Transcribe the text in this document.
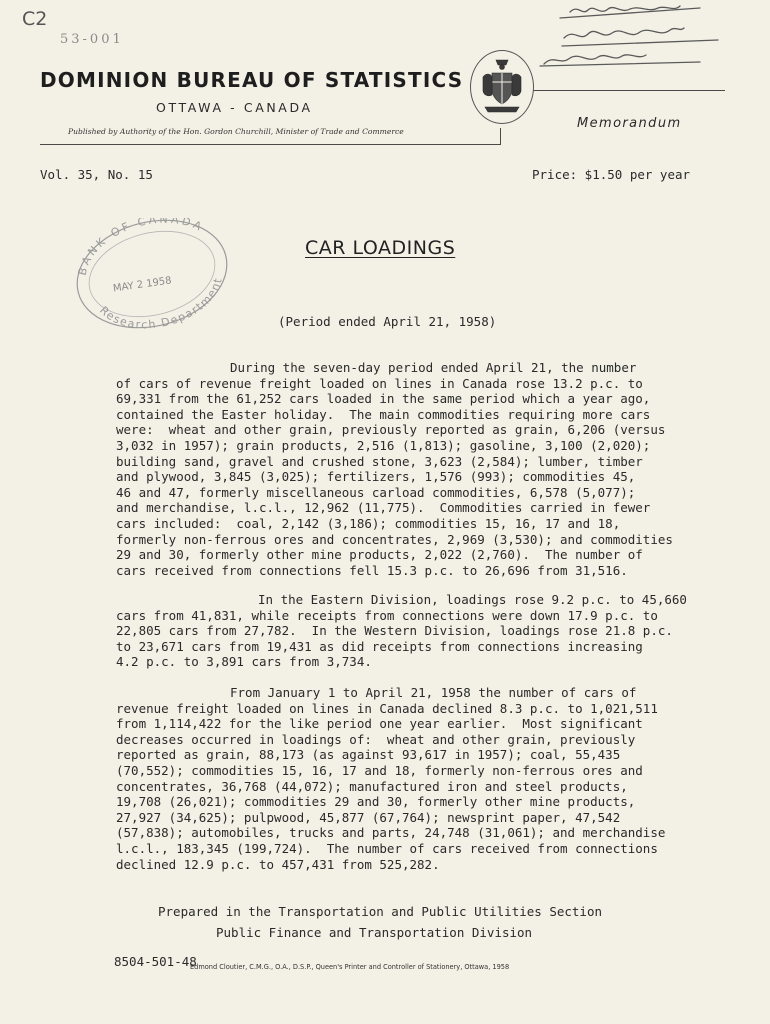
C2
53-001
DOMINION BUREAU OF STATISTICS
OTTAWA - CANADA
Published by Authority of the Hon. Gordon Churchill, Minister of Trade and Commerce
Memorandum
Vol. 35, No. 15	Price: $1.50 per year
BANK OF CANADA
Research Department
MAY 2 1958
CAR LOADINGS
(Period ended April 21, 1958)
During the seven-day period ended April 21, the number
of cars of revenue freight loaded on lines in Canada rose 13.2 p.c. to
69,331 from the 61,252 cars loaded in the same period which a year ago,
contained the Easter holiday.  The main commodities requiring more cars
were:  wheat and other grain, previously reported as grain, 6,206 (versus
3,032 in 1957); grain products, 2,516 (1,813); gasoline, 3,100 (2,020);
building sand, gravel and crushed stone, 3,623 (2,584); lumber, timber
and plywood, 3,845 (3,025); fertilizers, 1,576 (993); commodities 45,
46 and 47, formerly miscellaneous carload commodities, 6,578 (5,077);
and merchandise, l.c.l., 12,962 (11,775).  Commodities carried in fewer
cars included:  coal, 2,142 (3,186); commodities 15, 16, 17 and 18,
formerly non-ferrous ores and concentrates, 2,969 (3,530); and commodities
29 and 30, formerly other mine products, 2,022 (2,760).  The number of
cars received from connections fell 15.3 p.c. to 26,696 from 31,516.
In the Eastern Division, loadings rose 9.2 p.c. to 45,660
cars from 41,831, while receipts from connections were down 17.9 p.c. to
22,805 cars from 27,782.  In the Western Division, loadings rose 21.8 p.c.
to 23,671 cars from 19,431 as did receipts from connections increasing
4.2 p.c. to 3,891 cars from 3,734.
From January 1 to April 21, 1958 the number of cars of
revenue freight loaded on lines in Canada declined 8.3 p.c. to 1,021,511
from 1,114,422 for the like period one year earlier.  Most significant
decreases occurred in loadings of:  wheat and other grain, previously
reported as grain, 88,173 (as against 93,617 in 1957); coal, 55,435
(70,552); commodities 15, 16, 17 and 18, formerly non-ferrous ores and
concentrates, 36,768 (44,072); manufactured iron and steel products,
19,708 (26,021); commodities 29 and 30, formerly other mine products,
27,927 (34,625); pulpwood, 45,877 (67,764); newsprint paper, 47,542
(57,838); automobiles, trucks and parts, 24,748 (31,061); and merchandise
l.c.l., 183,345 (199,724).  The number of cars received from connections
declined 12.9 p.c. to 457,431 from 525,282.
Prepared in the Transportation and Public Utilities Section
Public Finance and Transportation Division
8504-501-48
Edmond Cloutier, C.M.G., O.A., D.S.P., Queen's Printer and Controller of Stationery, Ottawa, 1958
